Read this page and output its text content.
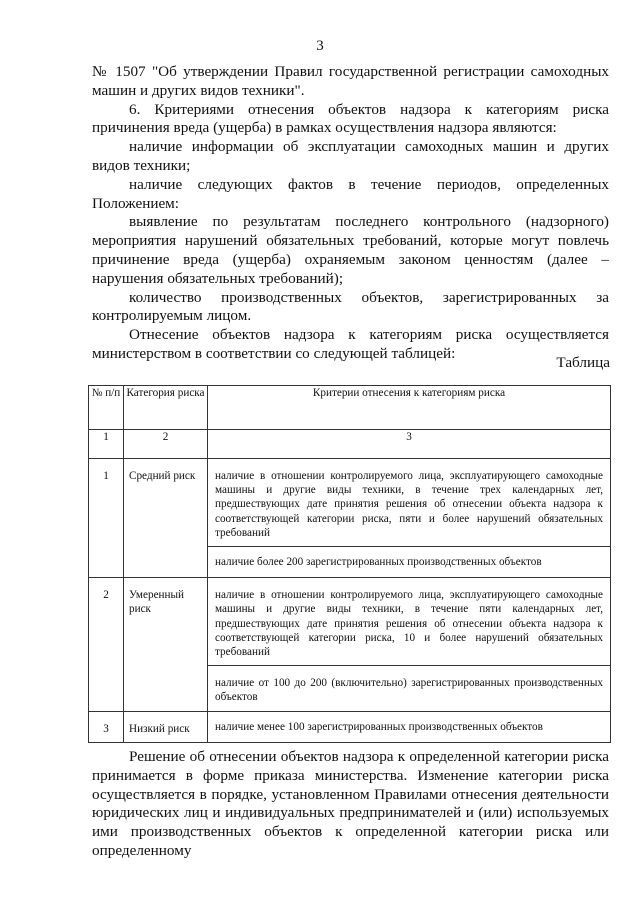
3

№ 1507 "Об утверждении Правил государственной регистрации самоходных машин и других видов техники".

6. Критериями отнесения объектов надзора к категориям риска причинения вреда (ущерба) в рамках осуществления надзора являются:

наличие информации об эксплуатации самоходных машин и других видов техники;

наличие следующих фактов в течение периодов, определенных Положением:

выявление по результатам последнего контрольного (надзорного) мероприятия нарушений обязательных требований, которые могут повлечь причинение вреда (ущерба) охраняемым законом ценностям (далее – нарушения обязательных требований);

количество производственных объектов, зарегистрированных за контролируемым лицом.

Отнесение объектов надзора к категориям риска осуществляется министерством в соответствии со следующей таблицей:

Таблица
№ п/п	Категория риска	Критерии отнесения к категориям риска
1	2	3
1	Средний риск	наличие в отношении контролируемого лица, эксплуатирующего самоходные машины и другие виды техники, в течение трех календарных лет, предшествующих дате принятия решения об отнесении объекта надзора к соответствующей категории риска, пяти и более нарушений обязательных требований
		наличие более 200 зарегистрированных производственных объектов
2	Умеренный риск	наличие в отношении контролируемого лица, эксплуатирующего самоходные машины и другие виды техники, в течение пяти календарных лет, предшествующих дате принятия решения об отнесении объекта надзора к соответствующей категории риска, 10 и более нарушений обязательных требований
		наличие от 100 до 200 (включительно) зарегистрированных производственных объектов
3	Низкий риск	наличие менее 100 зарегистрированных производственных объектов

Решение об отнесении объектов надзора к определенной категории риска принимается в форме приказа министерства. Изменение категории риска осуществляется в порядке, установленном Правилами отнесения деятельности юридических лиц и индивидуальных предпринимателей и (или) используемых ими производственных объектов к определенной категории риска или определенному
